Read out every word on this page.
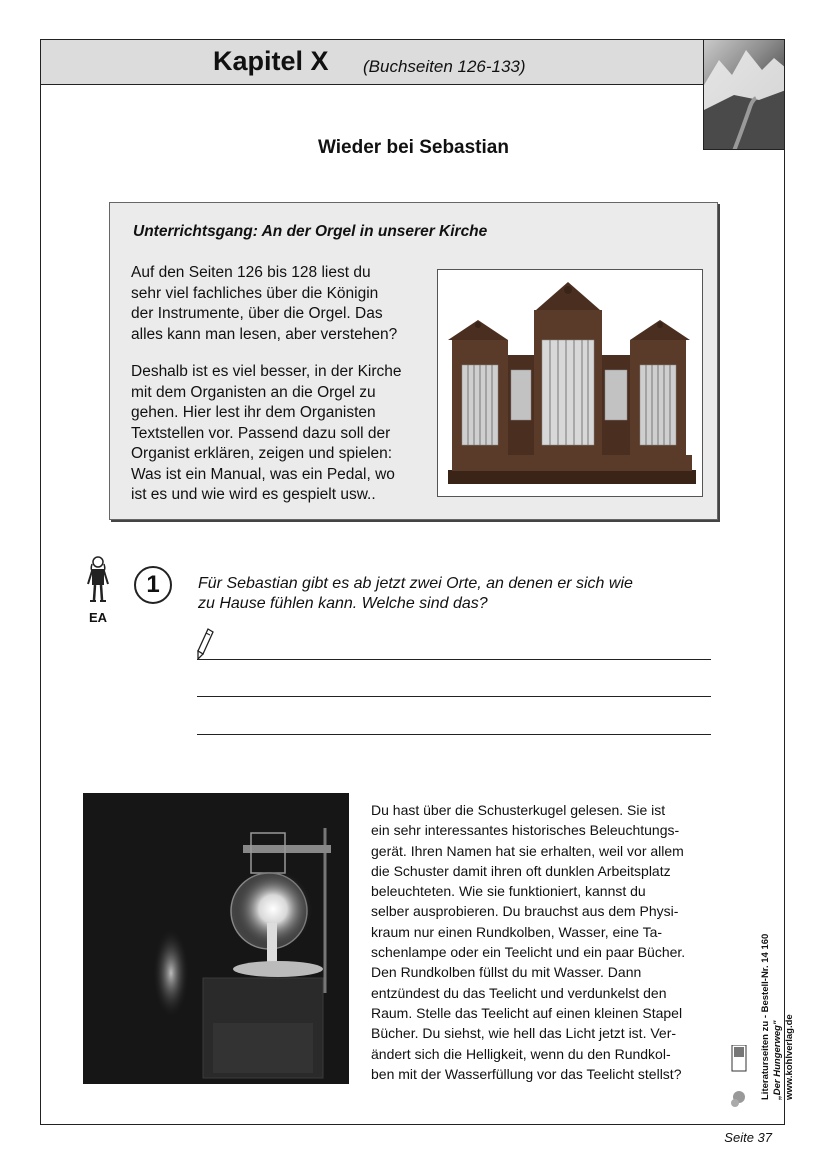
Kapitel X (Buchseiten 126-133)
Wieder bei Sebastian
Unterrichtsgang: An der Orgel in unserer Kirche
Auf den Seiten 126 bis 128 liest du
sehr viel fachliches über die Königin
der Instrumente, über die Orgel. Das
alles kann man lesen, aber verstehen?
Deshalb ist es viel besser, in der Kirche
mit dem Organisten an die Orgel zu
gehen. Hier lest ihr dem Organisten
Textstellen vor. Passend dazu soll der
Organist erklären, zeigen und spielen:
Was ist ein Manual, was ein Pedal, wo
ist es und wie wird es gespielt usw..
EA
1	Für Sebastian gibt es ab jetzt zwei Orte, an denen er sich wie
zu Hause fühlen kann. Welche sind das?
Du hast über die Schusterkugel gelesen. Sie ist
ein sehr interessantes historisches Beleuchtungs-
gerät. Ihren Namen hat sie erhalten, weil vor allem
die Schuster damit ihren oft dunklen Arbeitsplatz
beleuchteten. Wie sie funktioniert, kannst du
selber ausprobieren. Du brauchst aus dem Physi-
kraum nur einen Rundkolben, Wasser, eine Ta-
schenlampe oder ein Teelicht und ein paar Bücher.
Den Rundkolben füllst du mit Wasser. Dann
entzündest du das Teelicht und verdunkelst den
Raum. Stelle das Teelicht auf einen kleinen Stapel
Bücher. Du siehst, wie hell das Licht jetzt ist. Ver-
ändert sich die Helligkeit, wenn du den Rundkol-
ben mit der Wasserfüllung vor das Teelicht stellst?	Literaturseiten zu - Bestell-Nr. 14 160 „Der Hungerweg" www.kohlverlag.de
Seite 37
